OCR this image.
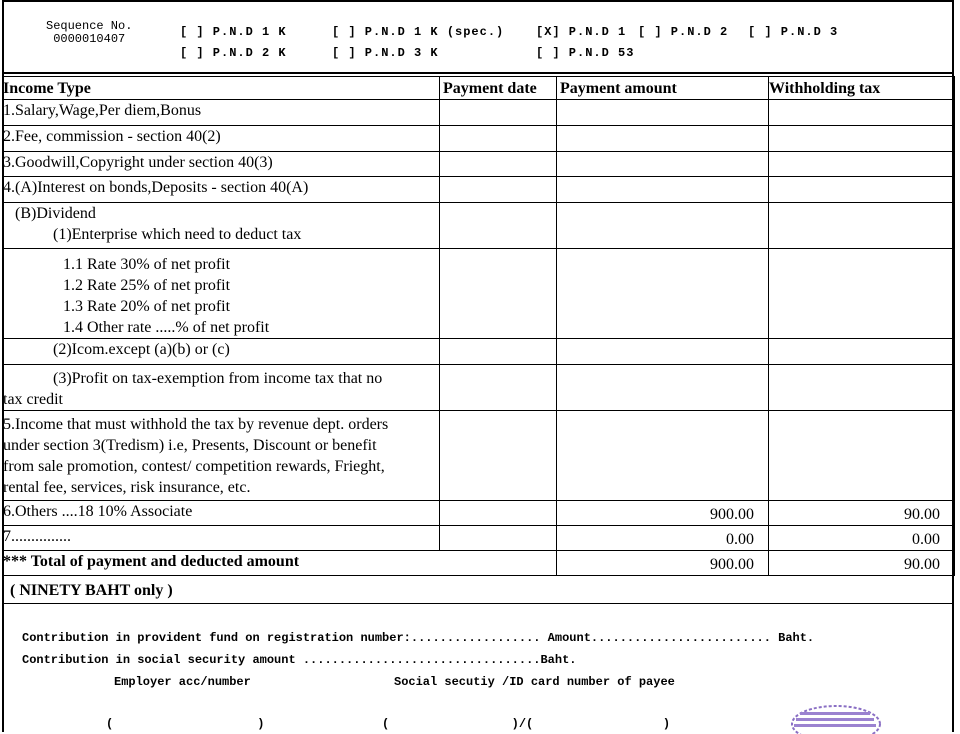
Sequence No.
0000010407	[ ] P.N.D 1 K	[ ] P.N.D 1 K (spec.)	[X] P.N.D 1 [ ] P.N.D 2 [ ] P.N.D 3
[ ] P.N.D 2 K	[ ] P.N.D 3 K	[ ] P.N.D 53
Income Type	Payment date	Payment amount	Withholding tax
1.Salary,Wage,Per diem,Bonus			
2.Fee, commission - section 40(2)			
3.Goodwill,Copyright under section 40(3)			
4.(A)Interest on bonds,Deposits - section 40(A)			

(B)Dividend
(1)Enterprise which need to deduct tax			

1.1 Rate 30% of net profit
1.2 Rate 25% of net profit
1.3 Rate 20% of net profit
1.4 Other rate .....% of net profit			

(2)Icom.except (a)(b) or (c)			

(3)Profit on tax-exemption from income tax that no
tax credit			

5.Income that must withhold the tax by revenue dept. orders
under section 3(Tredism) i.e, Presents, Discount or benefit
from sale promotion, contest/ competition rewards, Frieght,
rental fee, services, risk insurance, etc.			

6.Others ....18 10% Associate		900.00	90.00
7...............		0.00	0.00
*** Total of payment and deducted amount		900.00	90.00
( NINETY BAHT only )
Contribution in provident fund on registration number:.................. Amount......................... Baht.
Contribution in social security amount .................................Baht.
Employer acc/number	Social secutiy /ID card number of payee
(                    )	(                 )/(                  )
